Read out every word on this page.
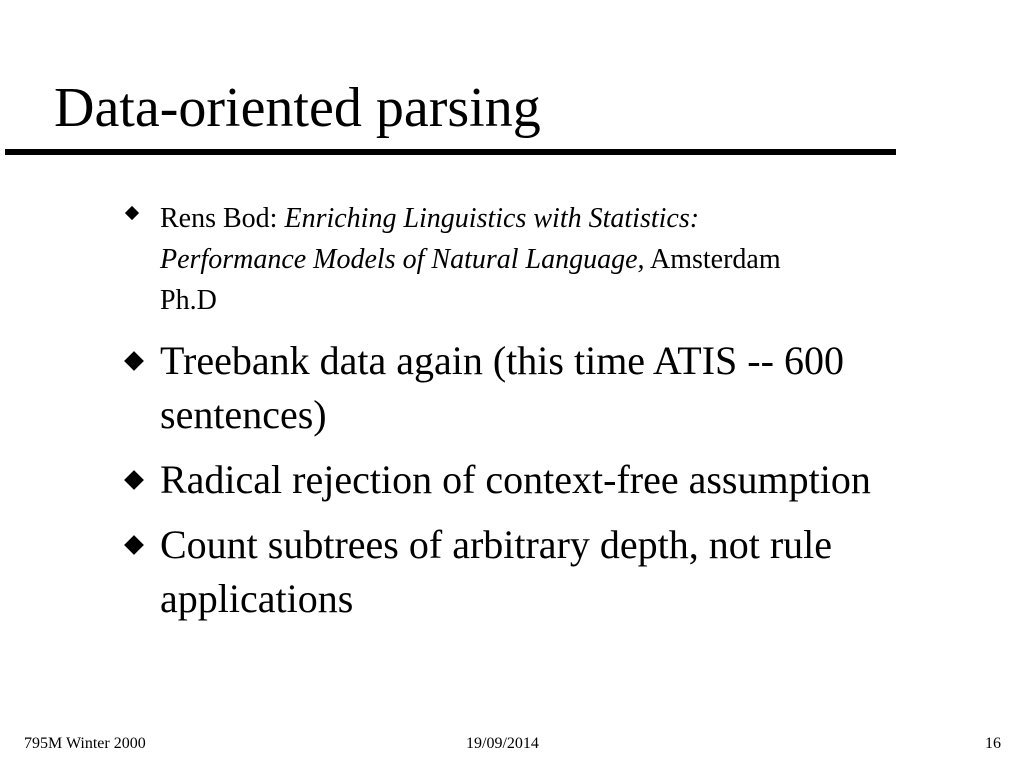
Data-oriented parsing
Rens Bod: Enriching Linguistics with Statistics:
Performance Models of Natural Language, Amsterdam
Ph.D
Treebank data again (this time ATIS -- 600
sentences)
Radical rejection of context-free assumption
Count subtrees of arbitrary depth, not rule
applications
795M Winter 2000	19/09/2014	16
